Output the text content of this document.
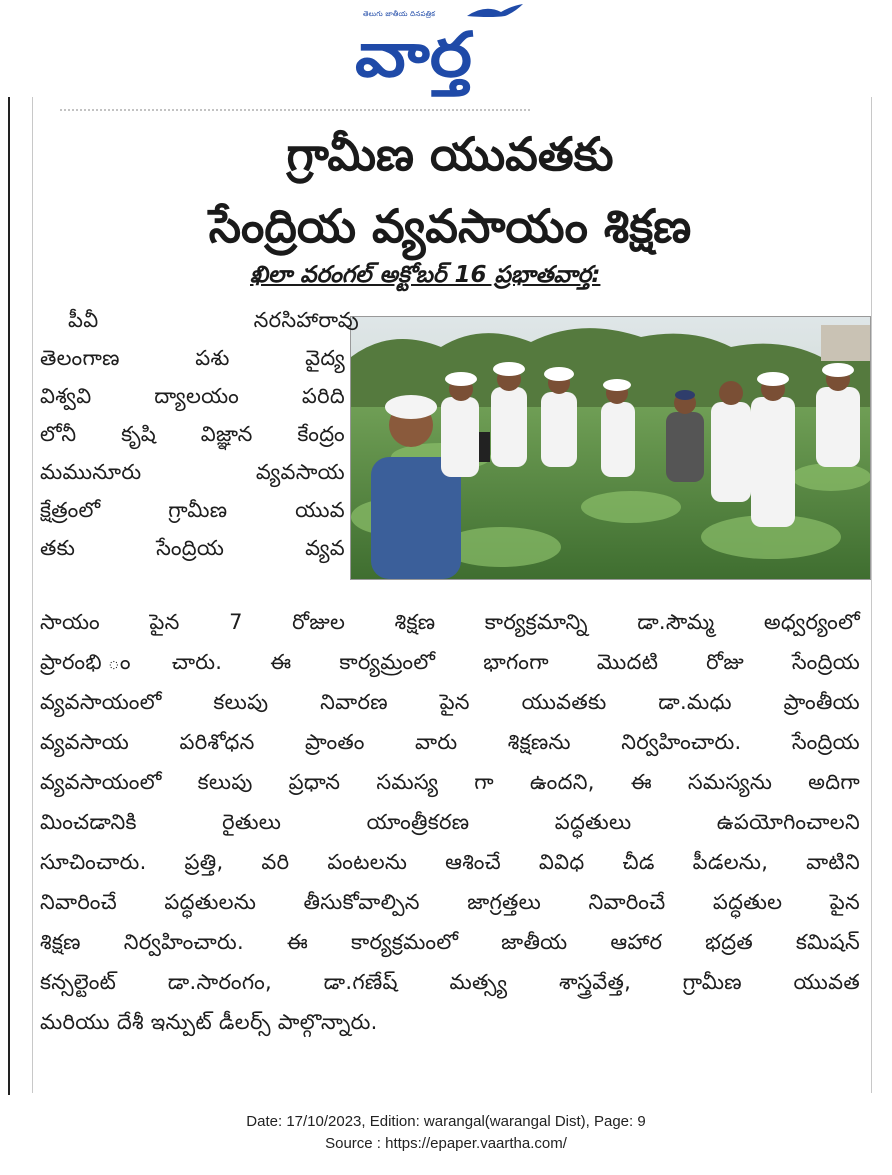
తెలుగు జాతీయ దినపత్రిక
వార్త
గ్రామీణ యువతకు
సేంద్రియ వ్యవసాయం శిక్షణ
ఖిలా వరంగల్ అక్టోబర్ 16 ప్రభాతవార్త:
పీవీ నరసిహారావు
తెలంగాణ పశు వైద్య
విశ్వవి ద్యాలయం పరిది
లోనీ కృషి విజ్ఞాన కేంద్రం
మమునూరు వ్యవసాయ
క్షేత్రంలో గ్రామీణ యువ
తకు సేంద్రియ వ్యవ
సాయం పైన 7 రోజుల శిక్షణ కార్యక్రమాన్ని డా.సౌమ్మ అధ్వర్యంలో
ప్రారంభి ంచారు. ఈ కార్యమ్రంలో భాగంగా మొదటి రోజు సేంద్రియ
వ్యవసాయంలో కలుపు నివారణ పైన యువతకు డా.మధు ప్రాంతీయ
వ్యవసాయ పరిశోధన ప్రాంతం వారు శిక్షణను నిర్వహించారు. సేంద్రియ
వ్యవసాయంలో కలుపు ప్రధాన సమస్య గా ఉందని, ఈ సమస్యను అదిగా
మించడానికి రైతులు యాంత్రీకరణ పద్ధతులు ఉపయోగించాలని
సూచించారు. ప్రత్తి, వరి పంటలను ఆశించే వివిధ చీడ పీడలను, వాటిని
నివారించే పద్ధతులను తీసుకోవాల్పిన జాగ్రత్తలు నివారించే పద్ధతుల పైన
శిక్షణ నిర్వహించారు. ఈ కార్యక్రమంలో జాతీయ ఆహార భద్రత కమిషన్
కన్సల్టెంట్ డా.సారంగం, డా.గణేష్ మత్స్య శాస్త్రవేత్త, గ్రామీణ యువత
మరియు దేశీ ఇన్పుట్ డీలర్స్ పాల్గొన్నారు.
Date: 17/10/2023, Edition: warangal(warangal Dist), Page: 9
Source : https://epaper.vaartha.com/
